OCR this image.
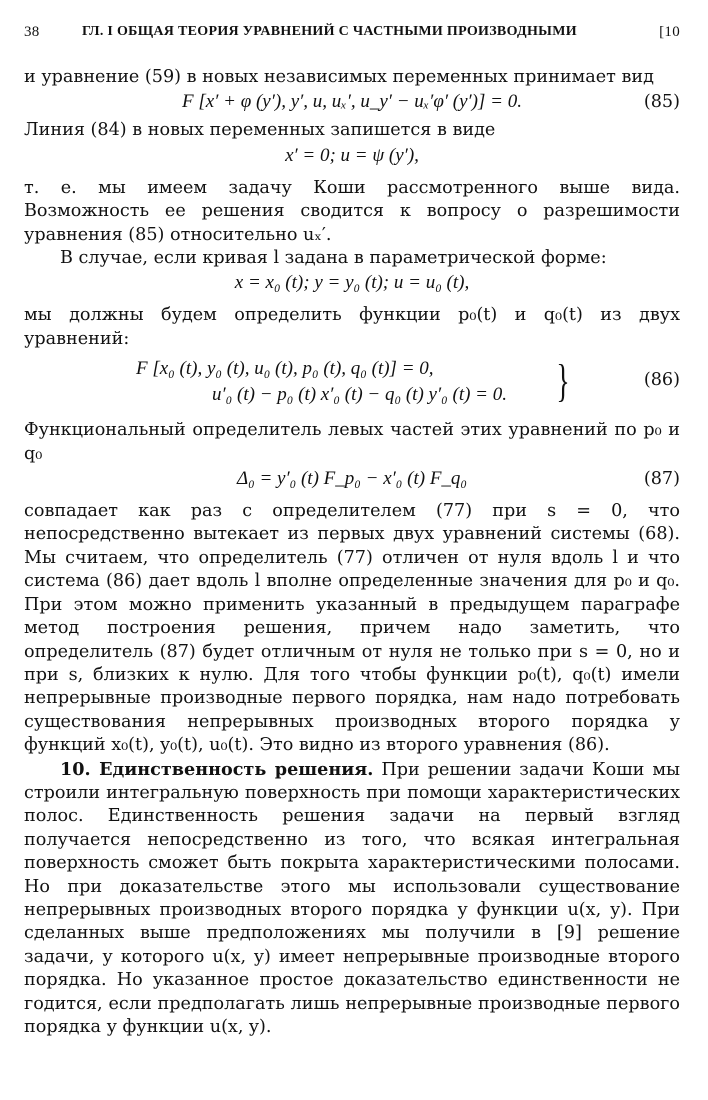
38	ГЛ. I ОБЩАЯ ТЕОРИЯ УРАВНЕНИЙ С ЧАСТНЫМИ ПРОИЗВОДНЫМИ	[10

и уравнение (59) в новых независимых переменных принимает вид

F [x′ + φ (y′), y′, u, uₓ′, u_y′ − uₓ′φ′ (y′)] = 0.	(85)

Линия (84) в новых переменных запишется в виде

x′ = 0; u = ψ (y′),

т. е. мы имеем задачу Коши рассмотренного выше вида. Возможность ее решения сводится к вопросу о разрешимости уравнения (85) относительно uₓ′.

В случае, если кривая l задана в параметрической форме:

x = x₀ (t); y = y₀ (t); u = u₀ (t),

мы должны будем определить функции p₀(t) и q₀(t) из двух уравнений:

F [x₀ (t), y₀ (t), u₀ (t), p₀ (t), q₀ (t)] = 0,
u′₀ (t) − p₀ (t) x′₀ (t) − q₀ (t) y′₀ (t) = 0. }	(86)

Функциональный определитель левых частей этих уравнений по p₀ и q₀

Δ₀ = y′₀ (t) F_p₀ − x′₀ (t) F_q₀	(87)

совпадает как раз с определителем (77) при s = 0, что непосредственно вытекает из первых двух уравнений системы (68). Мы считаем, что определитель (77) отличен от нуля вдоль l и что система (86) дает вдоль l вполне определенные значения для p₀ и q₀. При этом можно применить указанный в предыдущем параграфе метод построения решения, причем надо заметить, что определитель (87) будет отличным от нуля не только при s = 0, но и при s, близких к нулю. Для того чтобы функции p₀(t), q₀(t) имели непрерывные производные первого порядка, нам надо потребовать существования непрерывных производных второго порядка у функций x₀(t), y₀(t), u₀(t). Это видно из второго уравнения (86).

10. Единственность решения. При решении задачи Коши мы строили интегральную поверхность при помощи характеристических полос. Единственность решения задачи на первый взгляд получается непосредственно из того, что всякая интегральная поверхность сможет быть покрыта характеристическими полосами. Но при доказательстве этого мы использовали существование непрерывных производных второго порядка у функции u(x, y). При сделанных выше предположениях мы получили в [9] решение задачи, у которого u(x, y) имеет непрерывные производные второго порядка. Но указанное простое доказательство единственности не годится, если предполагать лишь непрерывные производные первого порядка у функции u(x, y).
